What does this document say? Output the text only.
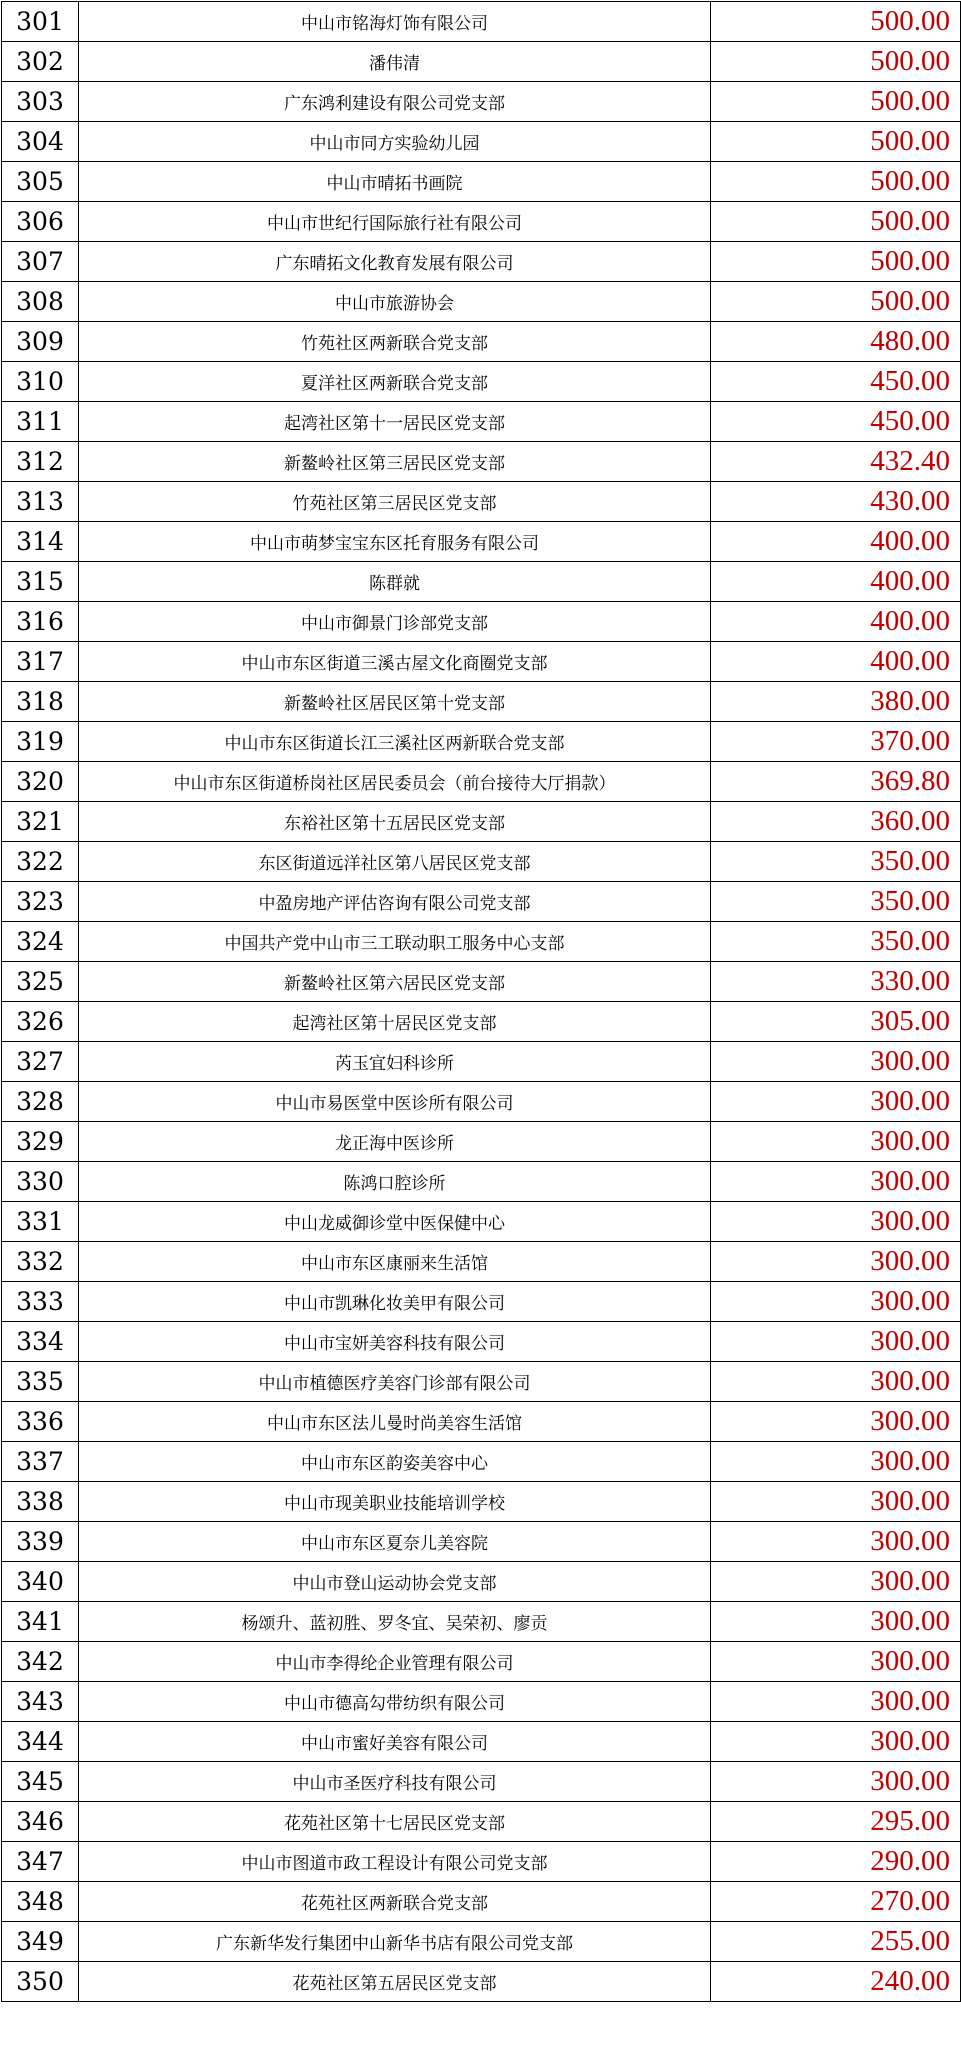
301	中山市铭海灯饰有限公司	500.00
302	潘伟清	500.00
303	广东鸿利建设有限公司党支部	500.00
304	中山市同方实验幼儿园	500.00
305	中山市晴拓书画院	500.00
306	中山市世纪行国际旅行社有限公司	500.00
307	广东晴拓文化教育发展有限公司	500.00
308	中山市旅游协会	500.00
309	竹苑社区两新联合党支部	480.00
310	夏洋社区两新联合党支部	450.00
311	起湾社区第十一居民区党支部	450.00
312	新鳌岭社区第三居民区党支部	432.40
313	竹苑社区第三居民区党支部	430.00
314	中山市萌梦宝宝东区托育服务有限公司	400.00
315	陈群就	400.00
316	中山市御景门诊部党支部	400.00
317	中山市东区街道三溪古屋文化商圈党支部	400.00
318	新鳌岭社区居民区第十党支部	380.00
319	中山市东区街道长江三溪社区两新联合党支部	370.00
320	中山市东区街道桥岗社区居民委员会（前台接待大厅捐款）	369.80
321	东裕社区第十五居民区党支部	360.00
322	东区街道远洋社区第八居民区党支部	350.00
323	中盈房地产评估咨询有限公司党支部	350.00
324	中国共产党中山市三工联动职工服务中心支部	350.00
325	新鳌岭社区第六居民区党支部	330.00
326	起湾社区第十居民区党支部	305.00
327	芮玉宜妇科诊所	300.00
328	中山市易医堂中医诊所有限公司	300.00
329	龙正海中医诊所	300.00
330	陈鸿口腔诊所	300.00
331	中山龙威御诊堂中医保健中心	300.00
332	中山市东区康丽来生活馆	300.00
333	中山市凯琳化妆美甲有限公司	300.00
334	中山市宝妍美容科技有限公司	300.00
335	中山市植德医疗美容门诊部有限公司	300.00
336	中山市东区法儿曼时尚美容生活馆	300.00
337	中山市东区韵姿美容中心	300.00
338	中山市现美职业技能培训学校	300.00
339	中山市东区夏奈儿美容院	300.00
340	中山市登山运动协会党支部	300.00
341	杨颂升、蓝初胜、罗冬宜、吴荣初、廖贡	300.00
342	中山市李得纶企业管理有限公司	300.00
343	中山市德高勾带纺织有限公司	300.00
344	中山市蜜好美容有限公司	300.00
345	中山市圣医疗科技有限公司	300.00
346	花苑社区第十七居民区党支部	295.00
347	中山市图道市政工程设计有限公司党支部	290.00
348	花苑社区两新联合党支部	270.00
349	广东新华发行集团中山新华书店有限公司党支部	255.00
350	花苑社区第五居民区党支部	240.00
